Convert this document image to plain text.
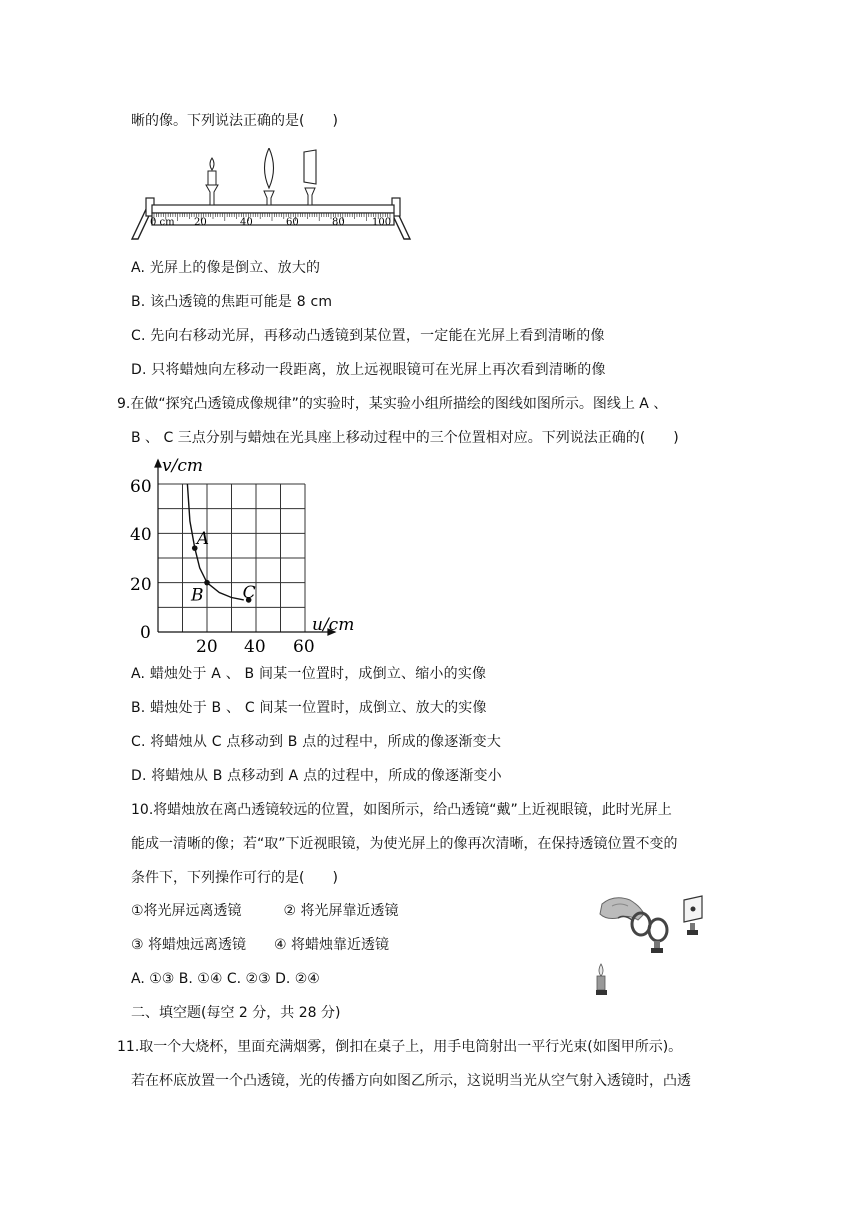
晰的像。下列说法正确的是(　　)
0 cm 20	40	60	80	100
A. 光屏上的像是倒立、放大的
B. 该凸透镜的焦距可能是 8 cm
C. 先向右移动光屏，再移动凸透镜到某位置，一定能在光屏上看到清晰的像
D. 只将蜡烛向左移动一段距离，放上远视眼镜可在光屏上再次看到清晰的像
9.在做“探究凸透镜成像规律”的实验时，某实验小组所描绘的图线如图所示。图线上 A 、
B 、 C 三点分别与蜡烛在光具座上移动过程中的三个位置相对应。下列说法正确的(　　)
A
B C
v/cm
u/cm
0
20
40
60
20 40 60
A. 蜡烛处于 A 、 B 间某一位置时，成倒立、缩小的实像
B. 蜡烛处于 B 、 C 间某一位置时，成倒立、放大的实像
C. 将蜡烛从 C 点移动到 B 点的过程中，所成的像逐渐变大
D. 将蜡烛从 B 点移动到 A 点的过程中，所成的像逐渐变小
10.将蜡烛放在离凸透镜较远的位置，如图所示，给凸透镜“戴”上近视眼镜，此时光屏上
能成一清晰的像；若“取”下近视眼镜，为使光屏上的像再次清晰，在保持透镜位置不变的
条件下，下列操作可行的是(　　)
①将光屏远离透镜　　　② 将光屏靠近透镜
③ 将蜡烛远离透镜　　④ 将蜡烛靠近透镜
A. ①③ B. ①④ C. ②③ D. ②④
二、填空题(每空 2 分，共 28 分)
11.取一个大烧杯，里面充满烟雾，倒扣在桌子上，用手电筒射出一平行光束(如图甲所示)。
若在杯底放置一个凸透镜，光的传播方向如图乙所示，这说明当光从空气射入透镜时，凸透
